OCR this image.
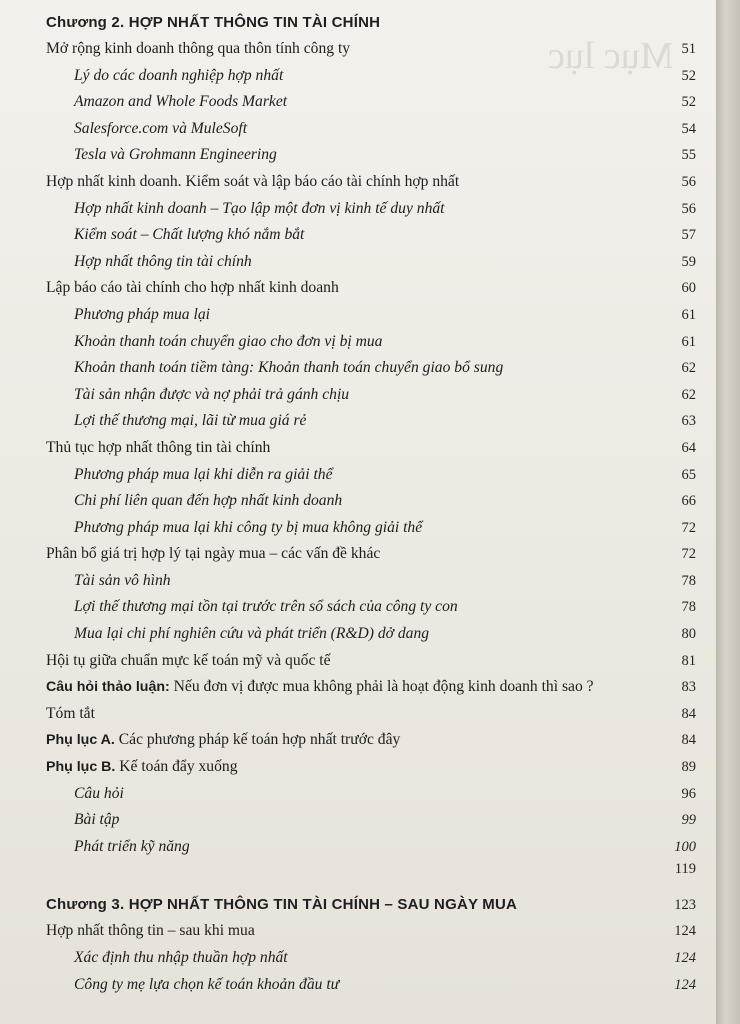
Mục lục
Chương 2. HỢP NHẤT THÔNG TIN TÀI CHÍNH
Mở rộng kinh doanh thông qua thôn tính công ty	51
Lý do các doanh nghiệp hợp nhất	52
Amazon and Whole Foods Market	52
Salesforce.com và MuleSoft	54
Tesla và Grohmann Engineering	55
Hợp nhất kinh doanh. Kiểm soát và lập báo cáo tài chính hợp nhất	56
Hợp nhất kinh doanh – Tạo lập một đơn vị kinh tế duy nhất	56
Kiểm soát – Chất lượng khó nắm bắt	57
Hợp nhất thông tin tài chính	59
Lập báo cáo tài chính cho hợp nhất kinh doanh	60
Phương pháp mua lại	61
Khoản thanh toán chuyển giao cho đơn vị bị mua	61
Khoản thanh toán tiềm tàng: Khoản thanh toán chuyển giao bổ sung	62
Tài sản nhận được và nợ phải trả gánh chịu	62
Lợi thế thương mại, lãi từ mua giá rẻ	63
Thủ tục hợp nhất thông tin tài chính	64
Phương pháp mua lại khi diễn ra giải thể	65
Chi phí liên quan đến hợp nhất kinh doanh	66
Phương pháp mua lại khi công ty bị mua không giải thể	72
Phân bổ giá trị hợp lý tại ngày mua – các vấn đề khác	72
Tài sản vô hình	78
Lợi thế thương mại tồn tại trước trên sổ sách của công ty con	78
Mua lại chi phí nghiên cứu và phát triển (R&D) dở dang	80
Hội tụ giữa chuẩn mực kế toán mỹ và quốc tế	81
Câu hỏi thảo luận: Nếu đơn vị được mua không phải là hoạt động kinh doanh thì sao ?	83
Tóm tắt	84
Phụ lục A. Các phương pháp kế toán hợp nhất trước đây	84
Phụ lục B. Kế toán đẩy xuống	89
Câu hỏi	96
Bài tập	99
Phát triển kỹ năng	100
119
Chương 3. HỢP NHẤT THÔNG TIN TÀI CHÍNH – SAU NGÀY MUA	123
Hợp nhất thông tin – sau khi mua	124
Xác định thu nhập thuần hợp nhất	124
Công ty mẹ lựa chọn kế toán khoản đầu tư	124
